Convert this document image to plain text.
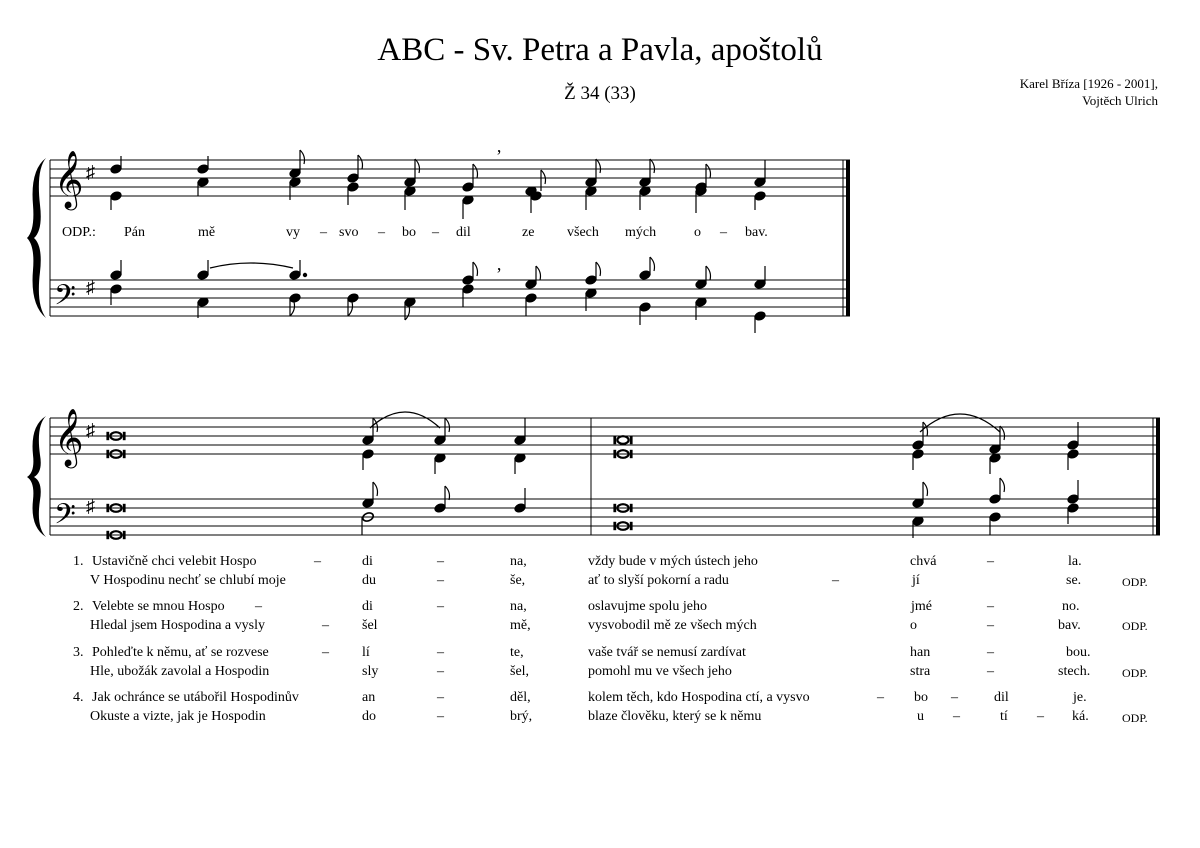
ABC - Sv. Petra a Pavla, apoštolů
Ž 34 (33)	Karel Bříza [1926 - 2001],
Vojtěch Ulrich
𝄞
𝄢
♯
♯
’
’
ODP.: Pán	mě	vy – svo – bo – dil	ze všech mých	o – bav.
𝄞
𝄢
♯
♯
1. Ustavičně chci velebit Hospo	–	di	–	na,	vždy bude v mých ústech jeho	chvá	–	la.
V Hospodinu nechť se chlubí moje	du	–	še,	ať to slyší pokorní a radu	–	jí	se.	ODP.
2. Velebte se mnou Hospo –	di	–	na,	oslavujme spolu jeho	jmé	–	no.
Hledal jsem Hospodina a vysly	– šel	mě,	vysvobodil mě ze všech mých	o	–	bav.	ODP.
3. Pohleďte k němu, ať se rozvese	– lí	–	te,	vaše tvář se nemusí zardívat	han	–	bou.
Hle, ubožák zavolal a Hospodin	sly	–	šel,	pomohl mu ve všech jeho	stra	–	stech.	ODP.
4. Jak ochránce se utábořil Hospodinův	an	–	děl,	kolem těch, kdo Hospodina ctí, a vysvo	– bo –	dil	je.
Okuste a vizte, jak je Hospodin	do	–	brý,	blaze člověku, který se k němu	u –	tí – ká.	ODP.
